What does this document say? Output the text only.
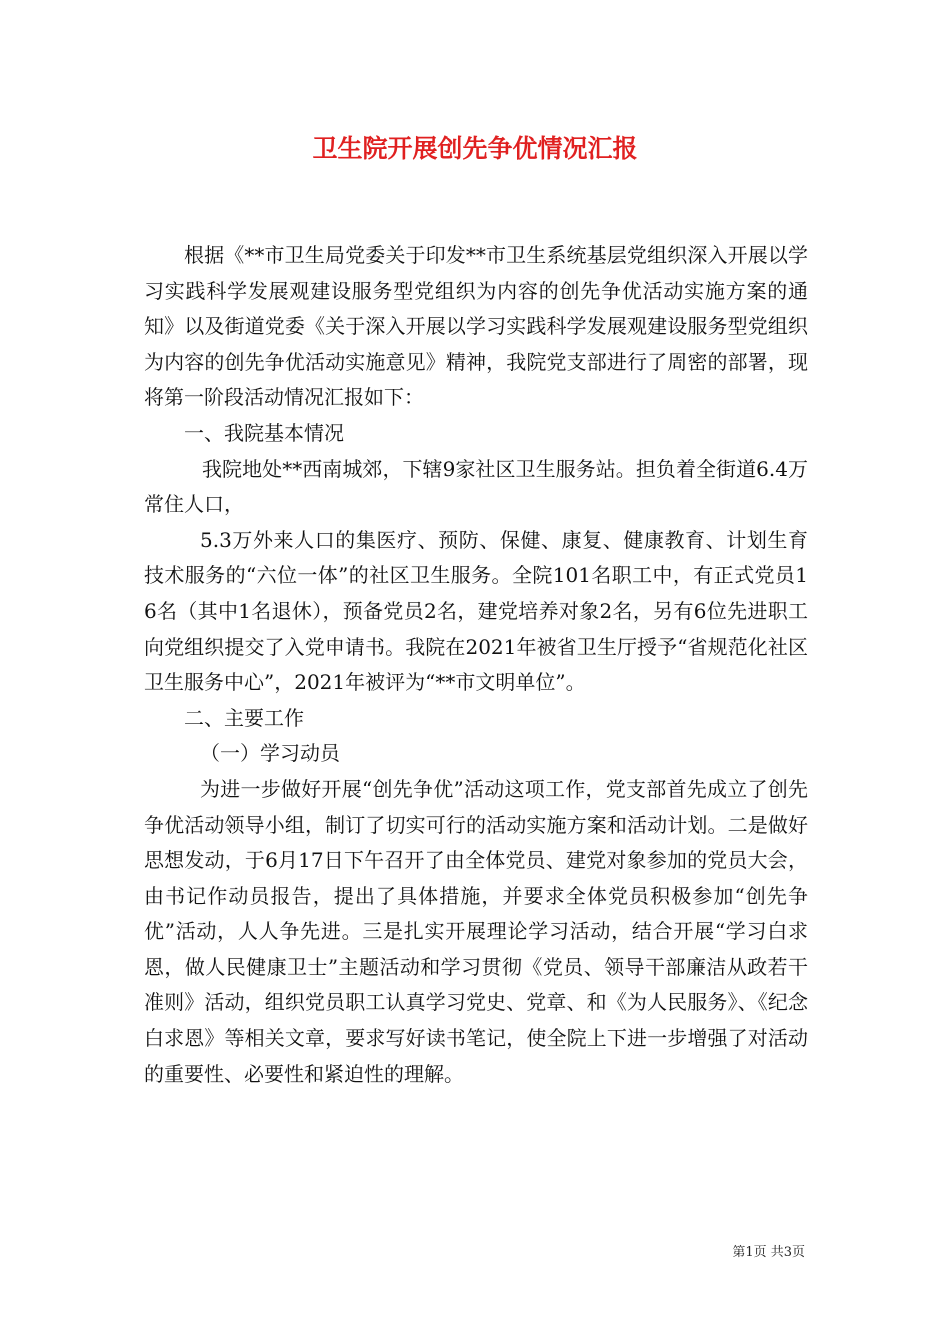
卫生院开展创先争优情况汇报

根据《**市卫生局党委关于印发**市卫生系统基层党组织深入开展以学习实践科学发展观建设服务型党组织为内容的创先争优活动实施方案的通知》以及街道党委《关于深入开展以学习实践科学发展观建设服务型党组织为内容的创先争优活动实施意见》精神，我院党支部进行了周密的部署，现将第一阶段活动情况汇报如下：

一、我院基本情况

我院地处**西南城郊，下辖9家社区卫生服务站。担负着全街道6.4万常住人口，

5.3万外来人口的集医疗、预防、保健、康复、健康教育、计划生育技术服务的“六位一体”的社区卫生服务。全院101名职工中，有正式党员16名（其中1名退休），预备党员2名，建党培养对象2名，另有6位先进职工向党组织提交了入党申请书。我院在2021年被省卫生厅授予“省规范化社区卫生服务中心”，2021年被评为“**市文明单位”。

二、主要工作

（一）学习动员

为进一步做好开展“创先争优”活动这项工作，党支部首先成立了创先争优活动领导小组，制订了切实可行的活动实施方案和活动计划。二是做好思想发动，于6月17日下午召开了由全体党员、建党对象参加的党员大会，由书记作动员报告，提出了具体措施，并要求全体党员积极参加“创先争优”活动，人人争先进。三是扎实开展理论学习活动，结合开展“学习白求恩，做人民健康卫士”主题活动和学习贯彻《党员、领导干部廉洁从政若干准则》活动，组织党员职工认真学习党史、党章、和《为人民服务》、《纪念白求恩》等相关文章，要求写好读书笔记，使全院上下进一步增强了对活动的重要性、必要性和紧迫性的理解。

第1页 共3页
